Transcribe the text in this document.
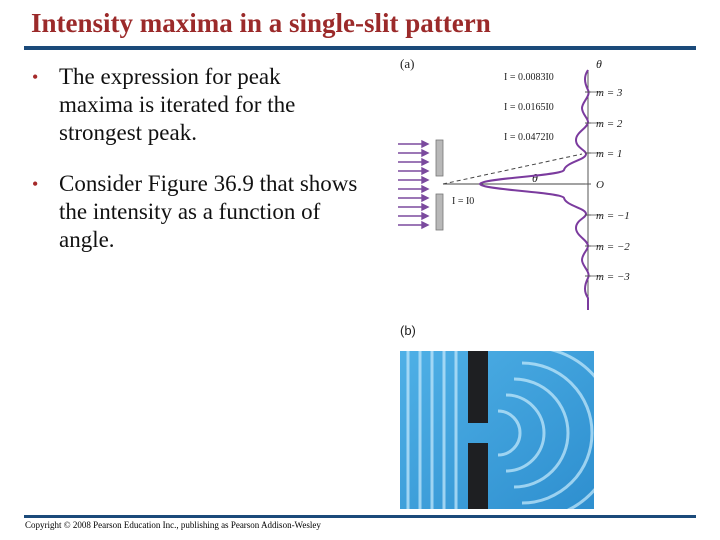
Intensity maxima in a single-slit pattern
• The expression for peak maxima is iterated for the strongest peak.
• Consider Figure 36.9 that shows the intensity as a function of angle.
(a)
θ
θ
I = 0.0083I0
I = 0.0165I0
I = 0.0472I0
I = I0
m = 3
m = 2
m = 1
O
m = −1
m = −2
m = −3
(b)
Copyright © 2008 Pearson Education Inc., publishing as Pearson Addison-Wesley
